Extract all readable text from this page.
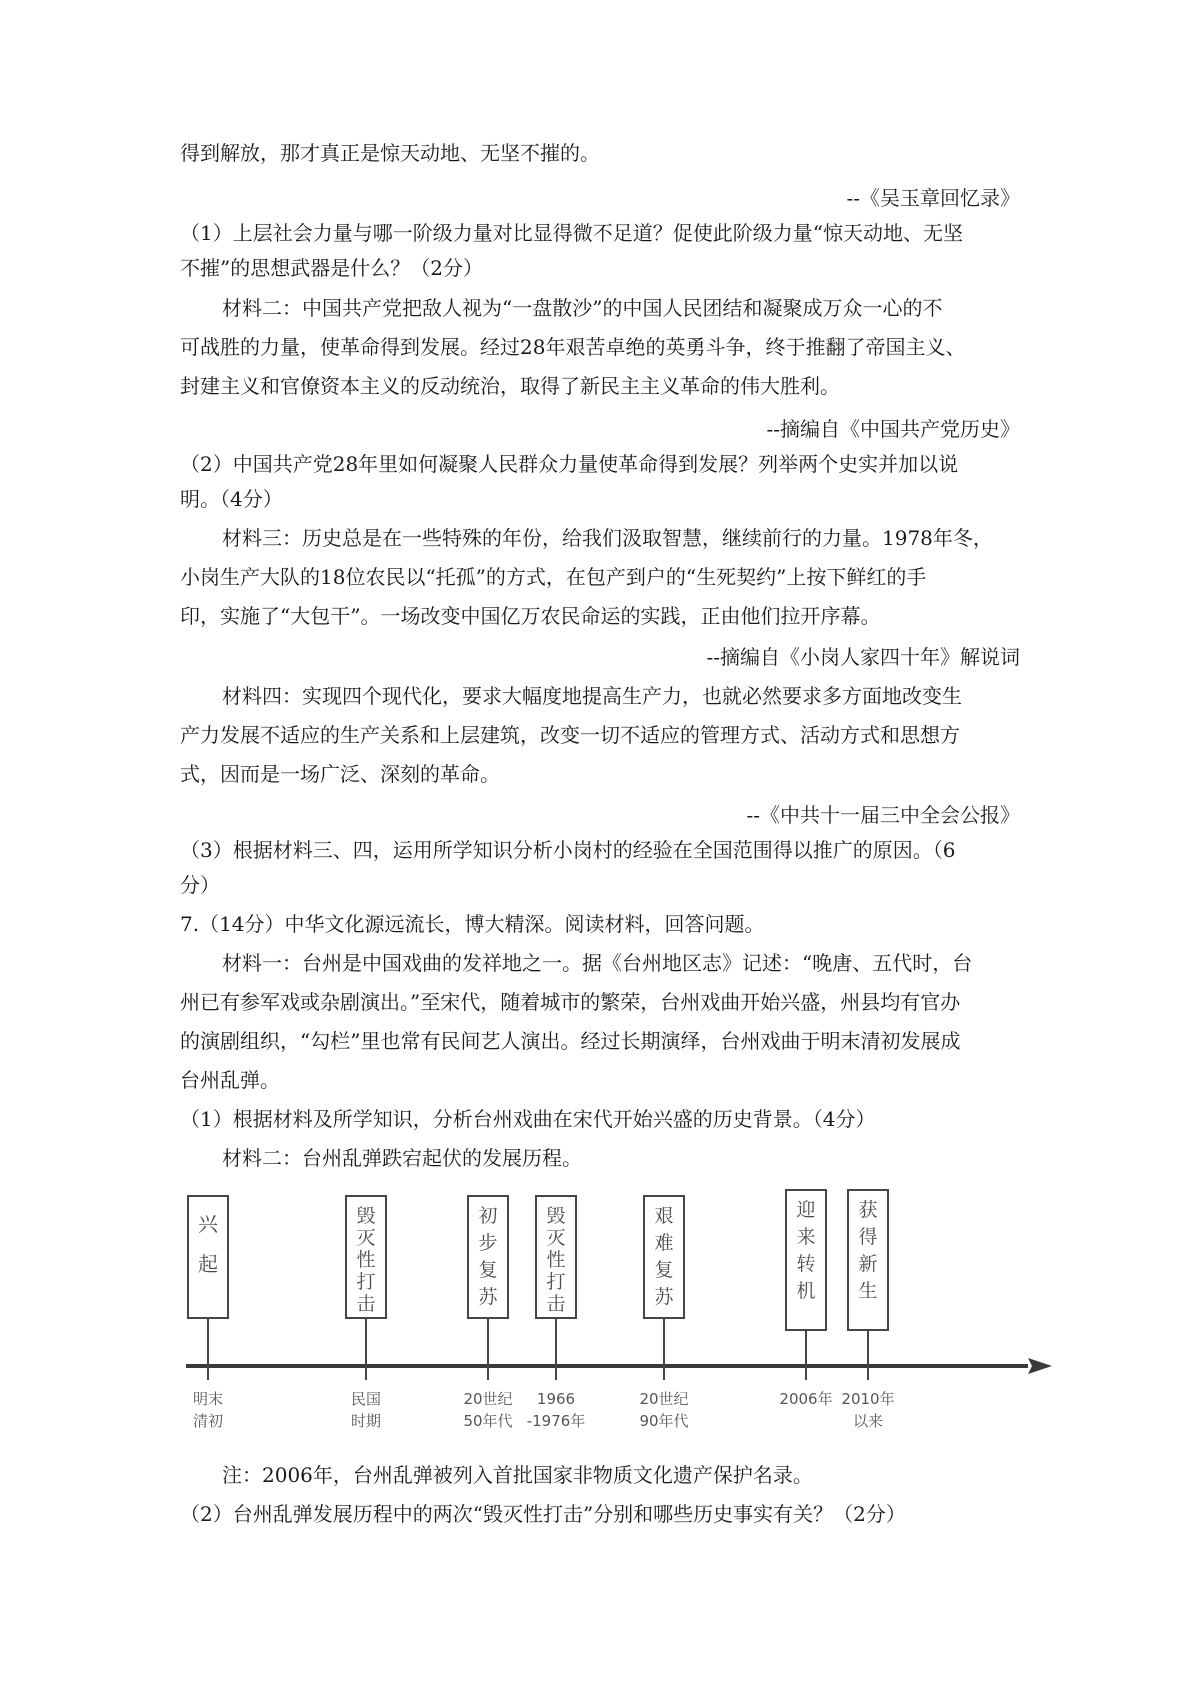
得到解放，那才真正是惊天动地、无坚不摧的。
--《吴玉章回忆录》
（1）上层社会力量与哪一阶级力量对比显得微不足道？促使此阶级力量“惊天动地、无坚
不摧”的思想武器是什么？（2分）
材料二：中国共产党把敌人视为“一盘散沙”的中国人民团结和凝聚成万众一心的不
可战胜的力量，使革命得到发展。经过28年艰苦卓绝的英勇斗争，终于推翻了帝国主义、
封建主义和官僚资本主义的反动统治，取得了新民主主义革命的伟大胜利。
--摘编自《中国共产党历史》
（2）中国共产党28年里如何凝聚人民群众力量使革命得到发展？列举两个史实并加以说
明。（4分）
材料三：历史总是在一些特殊的年份，给我们汲取智慧，继续前行的力量。1978年冬，
小岗生产大队的18位农民以“托孤”的方式，在包产到户的“生死契约”上按下鲜红的手
印，实施了“大包干”。一场改变中国亿万农民命运的实践，正由他们拉开序幕。
--摘编自《小岗人家四十年》解说词
材料四：实现四个现代化，要求大幅度地提高生产力，也就必然要求多方面地改变生
产力发展不适应的生产关系和上层建筑，改变一切不适应的管理方式、活动方式和思想方
式，因而是一场广泛、深刻的革命。
--《中共十一届三中全会公报》
（3）根据材料三、四，运用所学知识分析小岗村的经验在全国范围得以推广的原因。（6
分）
7.（14分）中华文化源远流长，博大精深。阅读材料，回答问题。
材料一：台州是中国戏曲的发祥地之一。据《台州地区志》记述：“晚唐、五代时，台
州已有参军戏或杂剧演出。”至宋代，随着城市的繁荣，台州戏曲开始兴盛，州县均有官办
的演剧组织，“勾栏”里也常有民间艺人演出。经过长期演绎，台州戏曲于明末清初发展成
台州乱弹。
（1）根据材料及所学知识，分析台州戏曲在宋代开始兴盛的历史背景。（4分）
材料二：台州乱弹跌宕起伏的发展历程。
兴起
明末
清初
毁灭性打击
民国
时期
初步复苏
20世纪
50年代
毁灭性打击
1966
-1976年
艰难复苏
20世纪
90年代
迎来转机
2006年
获得新生
2010年
以来
注：2006年，台州乱弹被列入首批国家非物质文化遗产保护名录。
（2）台州乱弹发展历程中的两次“毁灭性打击”分别和哪些历史事实有关？（2分）
